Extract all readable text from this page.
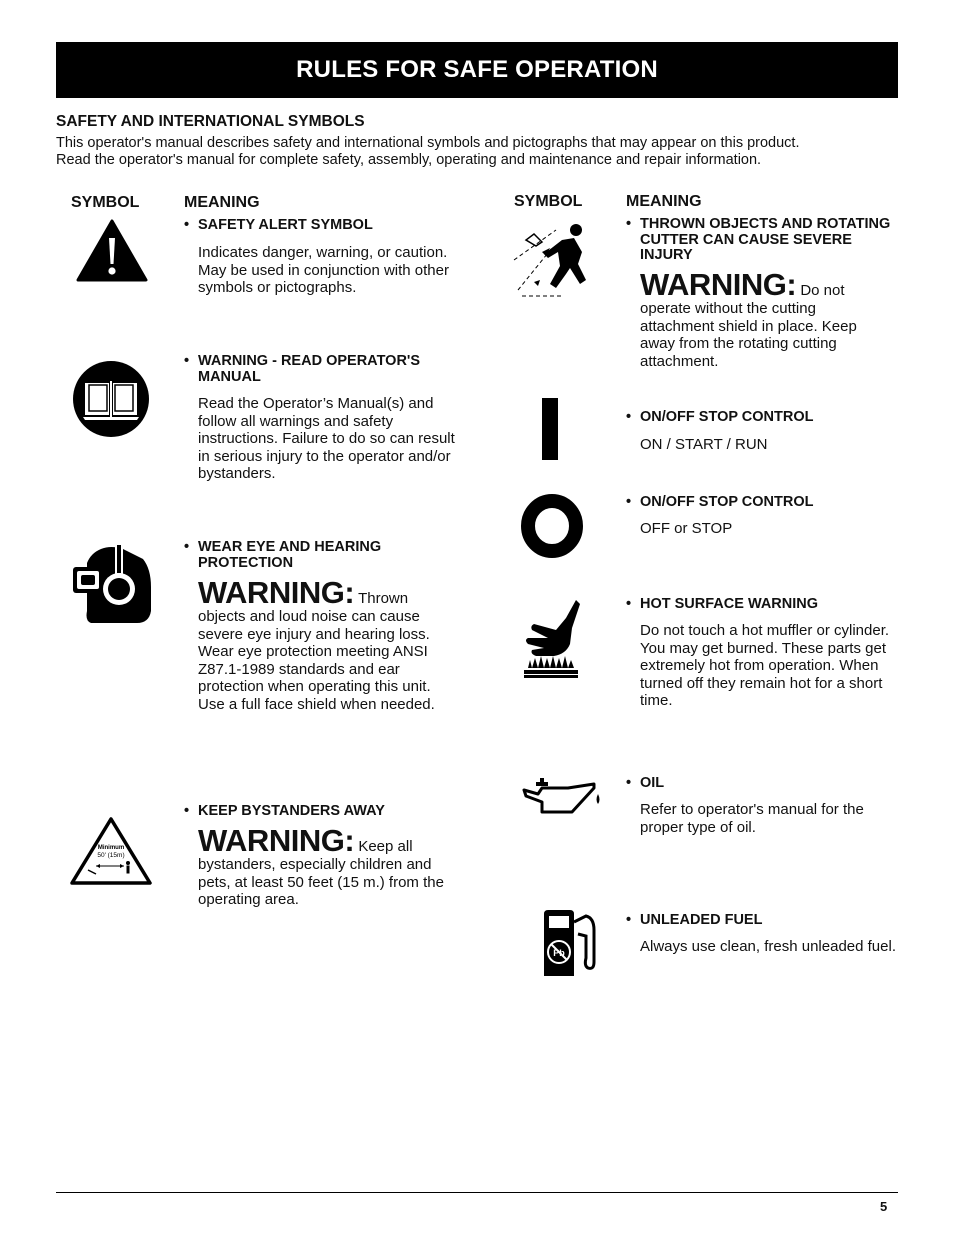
RULES FOR SAFE OPERATION
SAFETY AND INTERNATIONAL SYMBOLS
This operator's manual describes safety and international symbols and pictographs that may appear on this product.
Read the operator's manual for complete safety, assembly, operating and maintenance and repair information.
SYMBOL	MEANING	SYMBOL	MEANING
• SAFETY ALERT SYMBOL
Indicates danger, warning, or caution. May be used in conjunction with other symbols or pictographs.
• WARNING - READ OPERATOR'S MANUAL
Read the Operator’s Manual(s) and follow all warnings and safety instructions. Failure to do so can result in serious injury to the operator and/or bystanders.
• WEAR EYE AND HEARING PROTECTION
WARNING: Thrown
objects and loud noise can cause severe eye injury and hearing loss. Wear eye protection meeting ANSI Z87.1-1989 standards and ear protection when operating this unit. Use a full face shield when needed.
Minimum
50' (15m)
• KEEP BYSTANDERS AWAY
WARNING: Keep all
bystanders, especially children and pets, at least 50 feet (15 m.) from the operating area.
• THROWN OBJECTS AND ROTATING CUTTER CAN CAUSE SEVERE INJURY
WARNING: Do not
operate without the cutting attachment shield in place. Keep away from the rotating cutting attachment.
• ON/OFF STOP CONTROL
ON / START / RUN
• ON/OFF STOP CONTROL
OFF or STOP
• HOT SURFACE WARNING
Do not touch a hot muffler or cylinder. You may get burned. These parts get extremely hot from operation. When turned off they remain hot for a short time.
• OIL
Refer to operator's manual for the proper type of oil.
Pb
• UNLEADED FUEL
Always use clean, fresh unleaded fuel.
5
